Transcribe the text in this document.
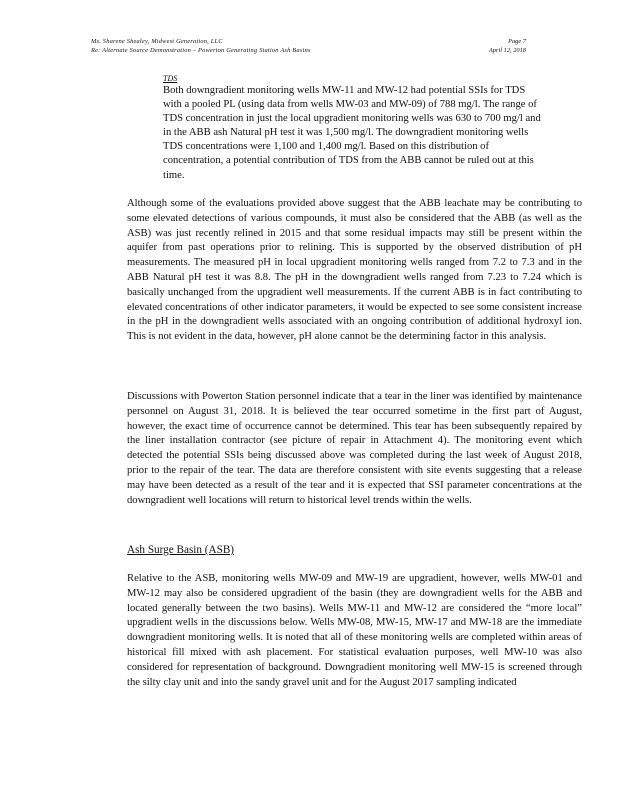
Ms. Sharene Shealey, Midwest Generation, LLC	Page 7
Re: Alternate Source Demonstration – Powerton Generating Station Ash Basins	April 12, 2018
TDS
Both downgradient monitoring wells MW-11 and MW-12 had potential SSIs for TDS with a pooled PL (using data from wells MW-03 and MW-09) of 788 mg/l. The range of TDS concentration in just the local upgradient monitoring wells was 630 to 700 mg/l and in the ABB ash Natural pH test it was 1,500 mg/l. The downgradient monitoring wells TDS concentrations were 1,100 and 1,400 mg/l. Based on this distribution of concentration, a potential contribution of TDS from the ABB cannot be ruled out at this time.

Although some of the evaluations provided above suggest that the ABB leachate may be contributing to some elevated detections of various compounds, it must also be considered that the ABB (as well as the ASB) was just recently relined in 2015 and that some residual impacts may still be present within the aquifer from past operations prior to relining. This is supported by the observed distribution of pH measurements. The measured pH in local upgradient monitoring wells ranged from 7.2 to 7.3 and in the ABB Natural pH test it was 8.8. The pH in the downgradient wells ranged from 7.23 to 7.24 which is basically unchanged from the upgradient well measurements. If the current ABB is in fact contributing to elevated concentrations of other indicator parameters, it would be expected to see some consistent increase in the pH in the downgradient wells associated with an ongoing contribution of additional hydroxyl ion. This is not evident in the data, however, pH alone cannot be the determining factor in this analysis.

Discussions with Powerton Station personnel indicate that a tear in the liner was identified by maintenance personnel on August 31, 2018. It is believed the tear occurred sometime in the first part of August, however, the exact time of occurrence cannot be determined. This tear has been subsequently repaired by the liner installation contractor (see picture of repair in Attachment 4). The monitoring event which detected the potential SSIs being discussed above was completed during the last week of August 2018, prior to the repair of the tear. The data are therefore consistent with site events suggesting that a release may have been detected as a result of the tear and it is expected that SSI parameter concentrations at the downgradient well locations will return to historical level trends within the wells.

Ash Surge Basin (ASB)

Relative to the ASB, monitoring wells MW-09 and MW-19 are upgradient, however, wells MW-01 and MW-12 may also be considered upgradient of the basin (they are downgradient wells for the ABB and located generally between the two basins). Wells MW-11 and MW-12 are considered the “more local” upgradient wells in the discussions below. Wells MW-08, MW-15, MW-17 and MW-18 are the immediate downgradient monitoring wells. It is noted that all of these monitoring wells are completed within areas of historical fill mixed with ash placement. For statistical evaluation purposes, well MW-10 was also considered for representation of background. Downgradient monitoring well MW-15 is screened through the silty clay unit and into the sandy gravel unit and for the August 2017 sampling indicated
